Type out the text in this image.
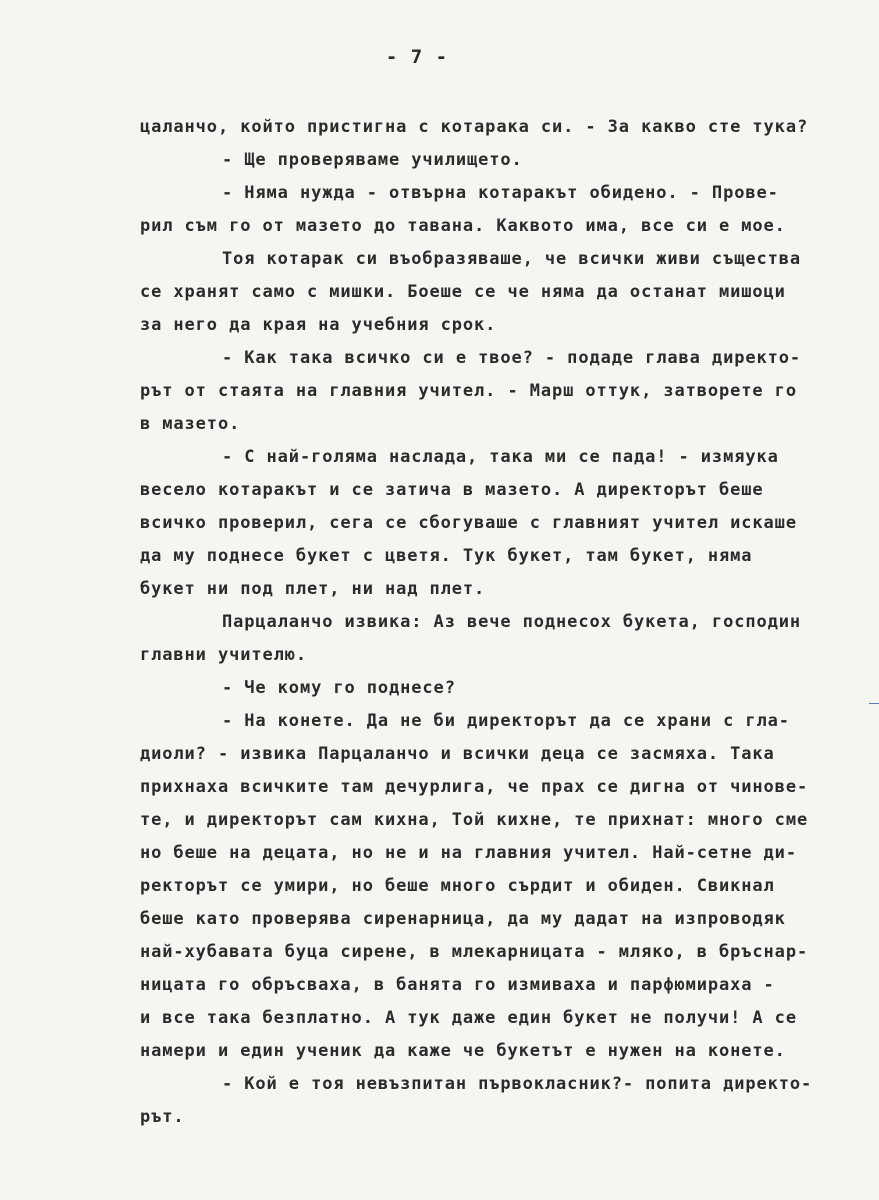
- 7 -
цаланчо, който пристигна с котарака си. - За какво сте тука?
- Ще проверяваме училището.
- Няма нужда - отвърна котаракът обидено. - Прове-
рил съм го от мазето до тавана. Каквото има, все си е мое.
Тоя котарак си въобразяваше, че всички живи същества
се хранят само с мишки. Боеше се че няма да останат мишоци
за него да края на учебния срок.
- Как така всичко си е твое? - подаде глава директо-
рът от стаята на главния учител. - Марш оттук, затворете го
в мазето.
- С най-голяма наслада, така ми се пада! - измяука
весело котаракът и се затича в мазето. А директорът беше
всичко проверил, сега се сбогуваше с главният учител искаше
да му поднесе букет с цветя. Тук букет, там букет, няма
букет ни под плет, ни над плет.
Парцаланчо извика: Аз вече поднесох букета, господин
главни учителю.
- Че кому го поднесе?
- На конете. Да не би директорът да се храни с гла-
диоли? - извика Парцаланчо и всички деца се засмяха. Така
прихнаха всичките там дечурлига, че прах се дигна от чинове-
те, и директорът сам кихна, Той кихне, те прихнат: много сме
но беше на децата, но не и на главния учител. Най-сетне ди-
ректорът се умири, но беше много сърдит и обиден. Свикнал
беше като проверява сиренарница, да му дадат на изпроводяк
най-хубавата буца сирене, в млекарницата - мляко, в бръснар-
ницата го обръсваха, в банята го измиваха и парфюмираха -
и все така безплатно. А тук даже един букет не получи! А се
намери и един ученик да каже че букетът е нужен на конете.
- Кой е тоя невъзпитан първокласник?- попита директо-
рът.
